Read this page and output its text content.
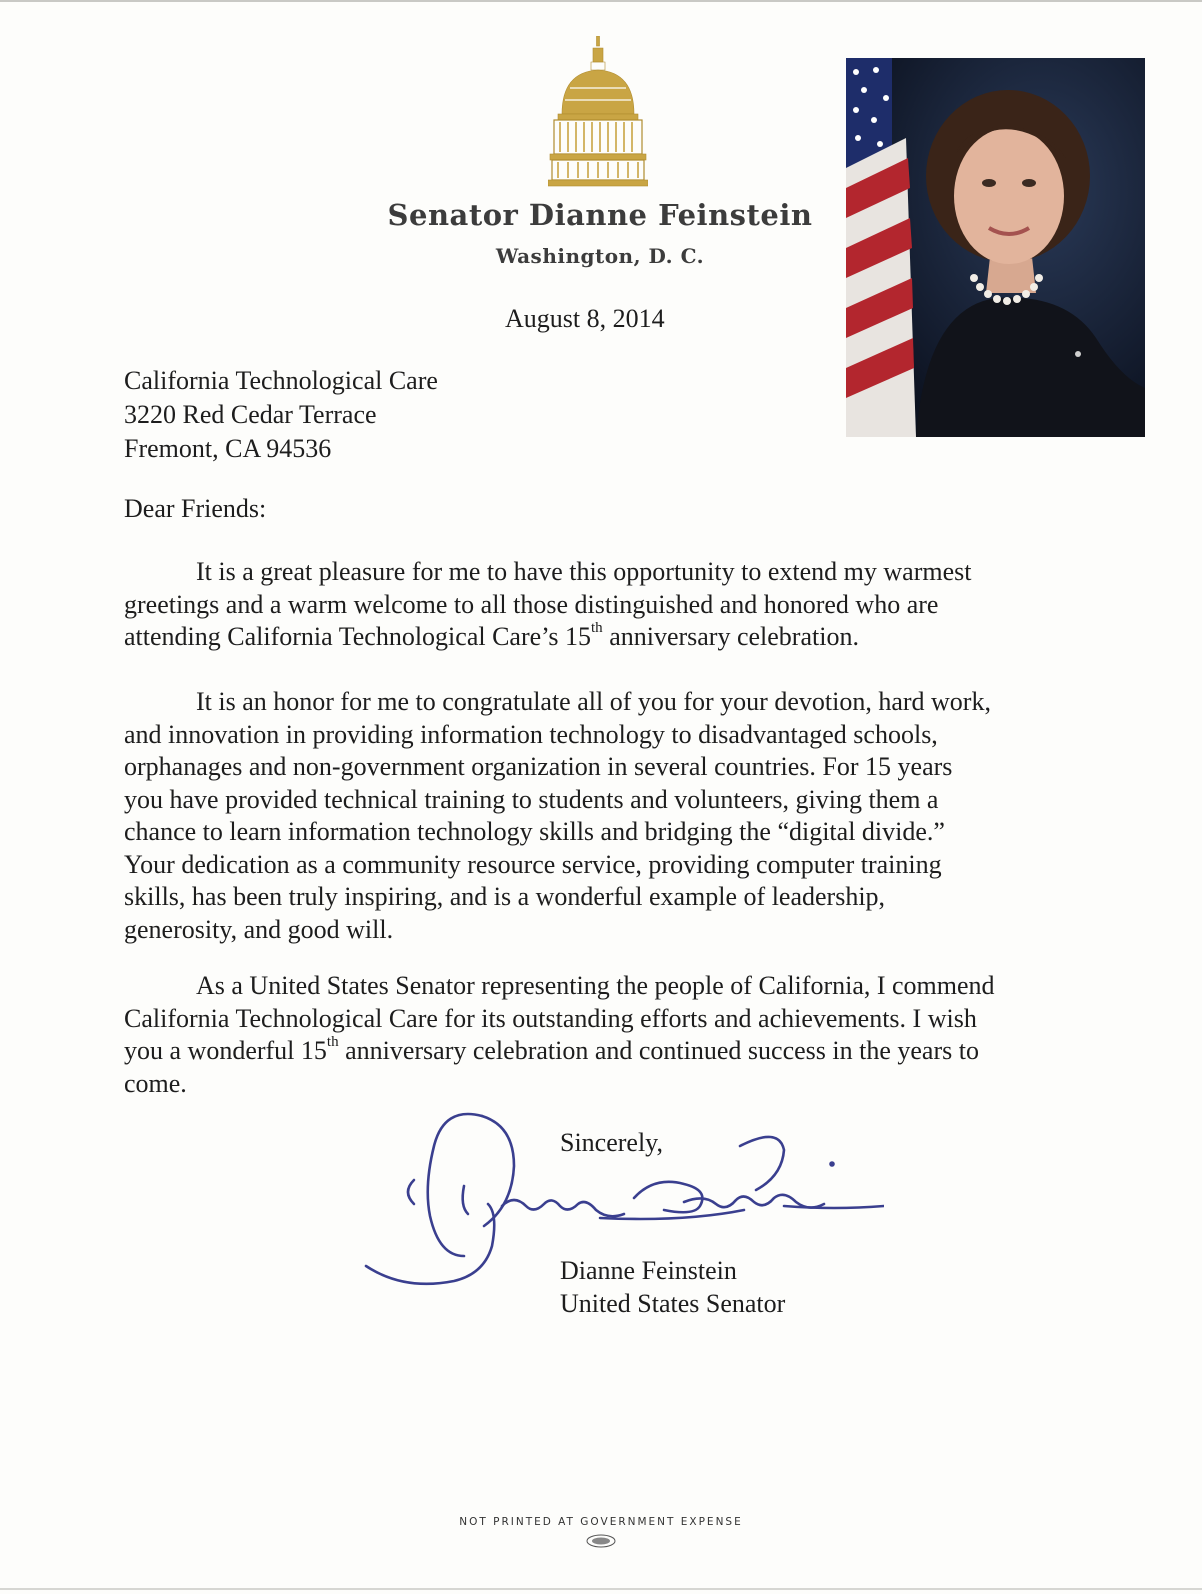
Senator Dianne Feinstein
Washington, D. C.
August 8, 2014
California Technological Care
3220 Red Cedar Terrace
Fremont, CA 94536
Dear Friends:
It is a great pleasure for me to have this opportunity to extend my warmest
greetings and a warm welcome to all those distinguished and honored who are
attending California Technological Care’s 15th anniversary celebration.
It is an honor for me to congratulate all of you for your devotion, hard work,
and innovation in providing information technology to disadvantaged schools,
orphanages and non-government organization in several countries. For 15 years
you have provided technical training to students and volunteers, giving them a
chance to learn information technology skills and bridging the “digital divide.”
Your dedication as a community resource service, providing computer training
skills, has been truly inspiring, and is a wonderful example of leadership,
generosity, and good will.
As a United States Senator representing the people of California, I commend
California Technological Care for its outstanding efforts and achievements. I wish
you a wonderful 15th anniversary celebration and continued success in the years to
come.
Sincerely,
Dianne Feinstein
United States Senator
NOT PRINTED AT GOVERNMENT EXPENSE
